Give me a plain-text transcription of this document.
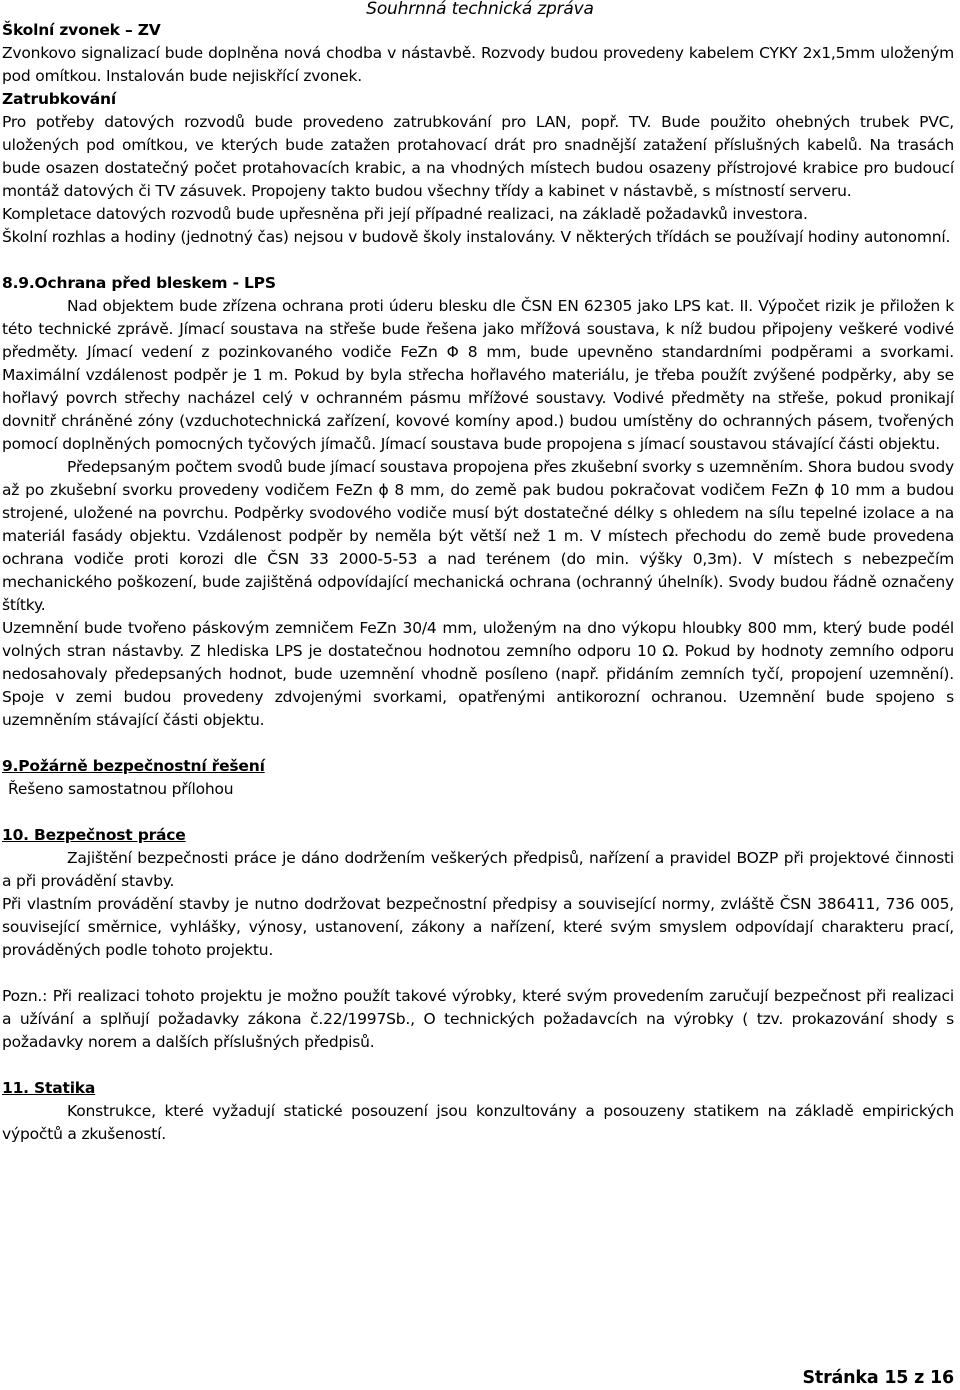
Souhrnná technická zpráva

Školní zvonek – ZV

Zvonkovo signalizací bude doplněna nová chodba v nástavbě. Rozvody budou provedeny kabelem CYKY 2x1,5mm uloženým pod omítkou. Instalován bude nejiskřící zvonek.

Zatrubkování

Pro potřeby datových rozvodů bude provedeno zatrubkování pro LAN, popř. TV. Bude použito ohebných trubek PVC, uložených pod omítkou, ve kterých bude zatažen protahovací drát pro snadnější zatažení příslušných kabelů. Na trasách bude osazen dostatečný počet protahovacích krabic, a na vhodných místech budou osazeny přístrojové krabice pro budoucí montáž datových či TV zásuvek. Propojeny takto budou všechny třídy a kabinet v nástavbě, s místností serveru.

Kompletace datových rozvodů bude upřesněna při její případné realizaci, na základě požadavků investora.

Školní rozhlas a hodiny (jednotný čas) nejsou v budově školy instalovány. V některých třídách se používají hodiny autonomní.

8.9.Ochrana před bleskem - LPS

Nad objektem bude zřízena ochrana proti úderu blesku dle ČSN EN 62305 jako LPS kat. II. Výpočet rizik je přiložen k této technické zprávě. Jímací soustava na střeše bude řešena jako mřížová soustava, k níž budou připojeny veškeré vodivé předměty. Jímací vedení z pozinkovaného vodiče FeZn Φ 8 mm, bude upevněno standardními podpěrami a svorkami. Maximální vzdálenost podpěr je 1 m. Pokud by byla střecha hořlavého materiálu, je třeba použít zvýšené podpěrky, aby se hořlavý povrch střechy nacházel celý v ochranném pásmu mřížové soustavy. Vodivé předměty na střeše, pokud pronikají dovnitř chráněné zóny (vzduchotechnická zařízení, kovové komíny apod.) budou umístěny do ochranných pásem, tvořených pomocí doplněných pomocných tyčových jímačů. Jímací soustava bude propojena s jímací soustavou stávající části objektu.

Předepsaným počtem svodů bude jímací soustava propojena přes zkušební svorky s uzemněním. Shora budou svody až po zkušební svorku provedeny vodičem FeZn ϕ 8 mm, do země pak budou pokračovat vodičem FeZn ϕ 10 mm a budou strojené, uložené na povrchu. Podpěrky svodového vodiče musí být dostatečné délky s ohledem na sílu tepelné izolace a na materiál fasády objektu. Vzdálenost podpěr by neměla být větší než 1 m. V místech přechodu do země bude provedena ochrana vodiče proti korozi dle ČSN 33 2000-5-53 a nad terénem (do min. výšky 0,3m). V místech s nebezpečím mechanického poškození, bude zajištěná odpovídající mechanická ochrana (ochranný úhelník). Svody budou řádně označeny štítky.

Uzemnění bude tvořeno páskovým zemničem FeZn 30/4 mm, uloženým na dno výkopu hloubky 800 mm, který bude podél volných stran nástavby. Z hlediska LPS je dostatečnou hodnotou zemního odporu 10 Ω. Pokud by hodnoty zemního odporu nedosahovaly předepsaných hodnot, bude uzemnění vhodně posíleno (např. přidáním zemních tyčí, propojení uzemnění). Spoje v zemi budou provedeny zdvojenými svorkami, opatřenými antikorozní ochranou. Uzemnění bude spojeno s uzemněním stávající části objektu.

9.Požárně bezpečnostní řešení

Řešeno samostatnou přílohou

10. Bezpečnost práce

Zajištění bezpečnosti práce je dáno dodržením veškerých předpisů, nařízení a pravidel BOZP při projektové činnosti a při provádění stavby.

Při vlastním provádění stavby je nutno dodržovat bezpečnostní předpisy a související normy, zvláště ČSN 386411, 736 005, související směrnice, vyhlášky, výnosy, ustanovení, zákony a nařízení, které svým smyslem odpovídají charakteru prací, prováděných podle tohoto projektu.

Pozn.: Při realizaci tohoto projektu je možno použít takové výrobky, které svým provedením zaručují bezpečnost při realizaci a užívání a splňují požadavky zákona č.22/1997Sb., O technických požadavcích na výrobky ( tzv. prokazování shody s požadavky norem a dalších příslušných předpisů.

11. Statika

Konstrukce, které vyžadují statické posouzení jsou konzultovány a posouzeny statikem na základě empirických výpočtů a zkušeností.

Stránka 15 z 16
